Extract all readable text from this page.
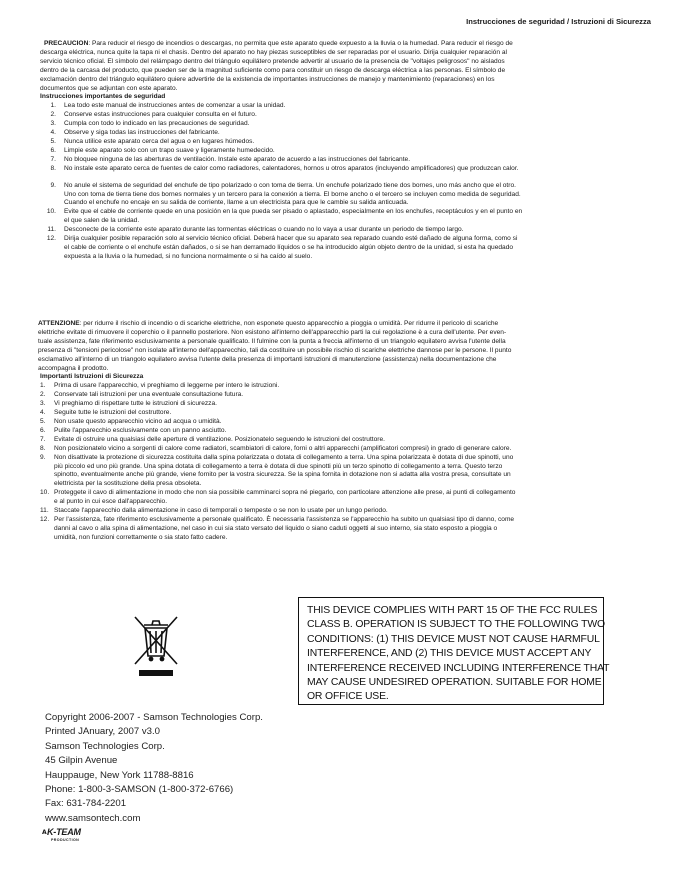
Instrucciones de seguridad / Istruzioni di Sicurezza

PRECAUCION: Para reducir el riesgo de incendios o descargas, no permita que este aparato quede expuesto a la lluvia o la humedad. Para reducir el riesgo de
descarga eléctrica, nunca quite la tapa ni el chasis. Dentro del aparato no hay piezas susceptibles de ser reparadas por el usuario. Dirija cualquier reparación al
servicio técnico oficial. El símbolo del relámpago dentro del triángulo equilátero pretende advertir al usuario de la presencia de "voltajes peligrosos" no aislados
dentro de la carcasa del producto, que pueden ser de la magnitud suficiente como para constituir un riesgo de descarga eléctrica a las personas. El símbolo de
exclamación dentro del triángulo equilátero quiere advertirle de la existencia de importantes instrucciones de manejo y mantenimiento (reparaciones) en los
documentos que se adjuntan con este aparato.

Instrucciones importantes de seguridad

1. Lea todo este manual de instrucciones antes de comenzar a usar la unidad.
2. Conserve estas instrucciones para cualquier consulta en el futuro.
3. Cumpla con todo lo indicado en las precauciones de seguridad.
4. Observe y siga todas las instrucciones del fabricante.
5. Nunca utilice este aparato cerca del agua o en lugares húmedos.
6. Limpie este aparato solo con un trapo suave y ligeramente humedecido.
7. No bloquee ninguna de las aberturas de ventilación. Instale este aparato de acuerdo a las instrucciones del fabricante.
8. No instale este aparato cerca de fuentes de calor como radiadores, calentadores, hornos u otros aparatos (incluyendo amplificadores) que produzcan calor.
9. No anule el sistema de seguridad del enchufe de tipo polarizado o con toma de tierra. Un enchufe polarizado tiene dos bornes, uno más ancho que el otro.
Uno con toma de tierra tiene dos bornes normales y un tercero para la conexión a tierra. El borne ancho o el tercero se incluyen como medida de seguridad.
Cuando el enchufe no encaje en su salida de corriente, llame a un electricista para que le cambie su salida anticuada.
10. Evite que el cable de corriente quede en una posición en la que pueda ser pisado o aplastado, especialmente en los enchufes, receptáculos y en el punto en
el que salen de la unidad.
11. Desconecte de la corriente este aparato durante las tormentas eléctricas o cuando no lo vaya a usar durante un periodo de tiempo largo.
12. Dirija cualquier posible reparación solo al servicio técnico oficial. Deberá hacer que su aparato sea reparado cuando esté dañado de alguna forma, como si
el cable de corriente o el enchufe están dañados, o si se han derramado líquidos o se ha introducido algún objeto dentro de la unidad, si esta ha quedado
expuesta a la lluvia o la humedad, si no funciona normalmente o si ha caído al suelo.

ATTENZIONE: per ridurre il rischio di incendio o di scariche elettriche, non esponete questo apparecchio a pioggia o umidità. Per ridurre il pericolo di scariche
elettriche evitate di rimuovere il coperchio o il pannello posteriore. Non esistono all'interno dell'apparecchio parti la cui regolazione è a cura dell'utente. Per even-
tuale assistenza, fate riferimento esclusivamente a personale qualificato. Il fulmine con la punta a freccia all'interno di un triangolo equilatero avvisa l'utente della
presenza di "tensioni pericolose" non isolate all'interno dell'apparecchio, tali da costituire un possibile rischio di scariche elettriche dannose per le persone. Il punto
esclamativo all'interno di un triangolo equilatero avvisa l'utente della presenza di importanti istruzioni di manutenzione (assistenza) nella documentazione che
accompagna il prodotto.

Importanti Istruzioni di Sicurezza

1.	Prima di usare l'apparecchio, vi preghiamo di leggerne per intero le istruzioni.
2.	Conservate tali istruzioni per una eventuale consultazione futura.
3.	Vi preghiamo di rispettare tutte le istruzioni di sicurezza.
4.	Seguite tutte le istruzioni del costruttore.
5.	Non usate questo apparecchio vicino ad acqua o umidità.
6.	Pulite l'apparecchio esclusivamente con un panno asciutto.
7.	Evitate di ostruire una qualsiasi delle aperture di ventilazione. Posizionatelo seguendo le istruzioni del costruttore.
8.	Non posizionatelo vicino a sorgenti di calore come radiatori, scambiatori di calore, forni o altri apparecchi (amplificatori compresi) in grado di generare calore.
9.	Non disattivate la protezione di sicurezza costituita dalla spina polarizzata o dotata di collegamento a terra. Una spina polarizzata è dotata di due spinotti, uno
più piccolo ed uno più grande. Una spina dotata di collegamento a terra è dotata di due spinotti più un terzo spinotto di collegamento a terra. Questo terzo
spinotto, eventualmente anche più grande, viene fornito per la vostra sicurezza. Se la spina fornita in dotazione non si adatta alla vostra presa, consultate un
elettricista per la sostituzione della presa obsoleta.
10. Proteggete il cavo di alimentazione in modo che non sia possibile camminarci sopra né piegarlo, con particolare attenzione alle prese, ai punti di collegamento
e al punto in cui esce dall'apparecchio.
11. Staccate l'apparecchio dalla alimentazione in caso di temporali o tempeste o se non lo usate per un lungo periodo.
12. Per l'assistenza, fate riferimento esclusivamente a personale qualificato. È necessaria l'assistenza se l'apparecchio ha subito un qualsiasi tipo di danno, come
danni al cavo o alla spina di alimentazione, nel caso in cui sia stato versato del liquido o siano caduti oggetti al suo interno, sia stato esposto a pioggia o
umidità, non funzioni correttamente o sia stato fatto cadere.
THIS DEVICE COMPLIES WITH PART 15 OF THE FCC RULES
CLASS B. OPERATION IS SUBJECT TO THE FOLLOWING TWO
CONDITIONS: (1) THIS DEVICE MUST NOT CAUSE HARMFUL
INTERFERENCE, AND (2) THIS DEVICE MUST ACCEPT ANY
INTERFERENCE RECEIVED INCLUDING INTERFERENCE THAT
MAY CAUSE UNDESIRED OPERATION. SUITABLE FOR HOME
OR OFFICE USE.
Copyright 2006-2007 - Samson Technologies Corp.
Printed JAnuary, 2007 v3.0
Samson Technologies Corp.
45 Gilpin Avenue
Hauppauge, New York 11788-8816
Phone: 1-800-3-SAMSON (1-800-372-6766)
Fax: 631-784-2201
www.samsontech.com
A K-TEAM
PRODUCTION
